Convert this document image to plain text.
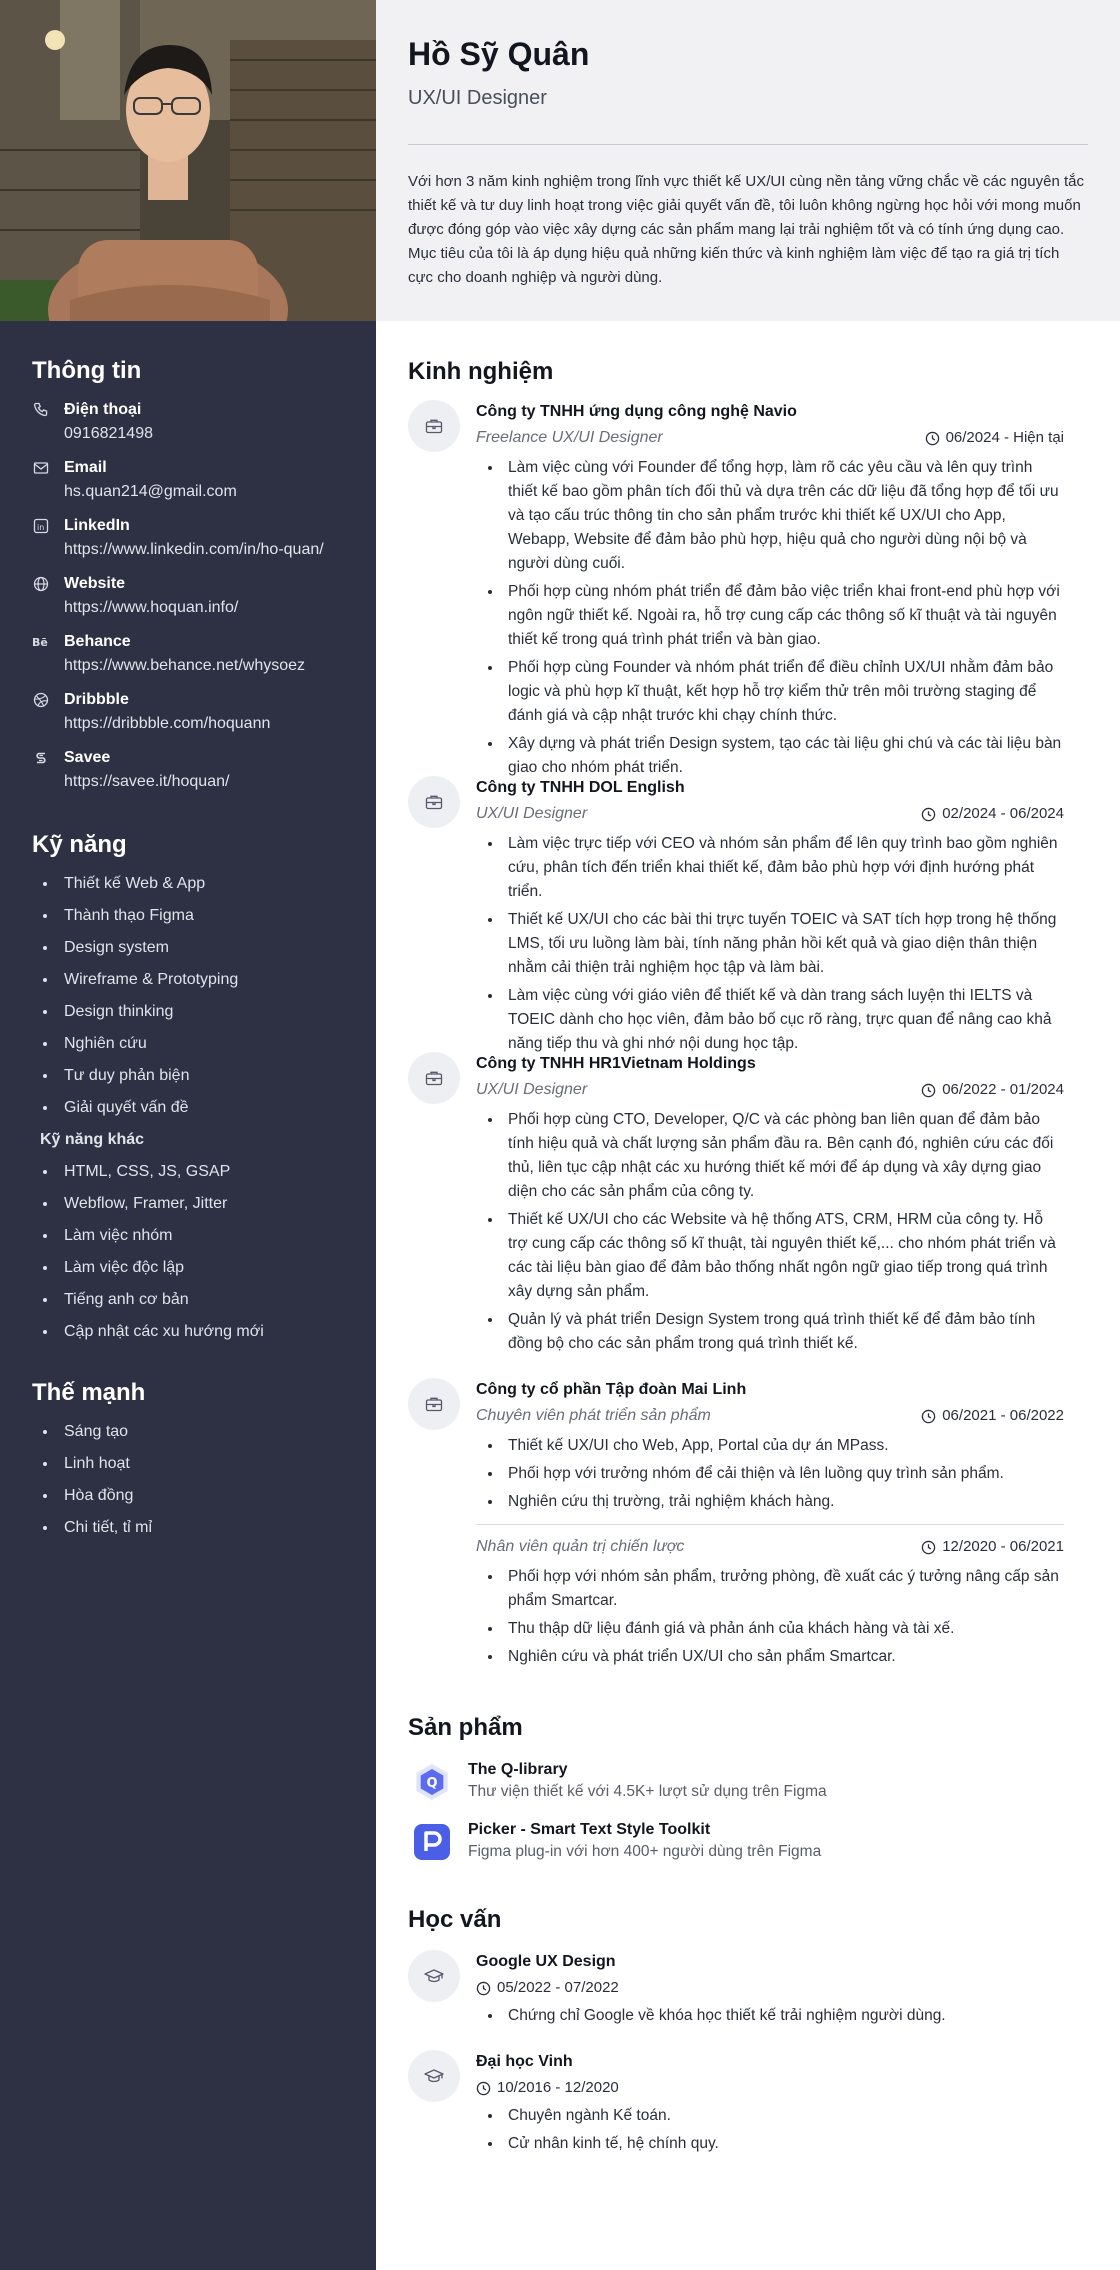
Thông tin
Điện thoại
0916821498
Email
hs.quan214@gmail.com
in LinkedIn
https://www.linkedin.com/in/ho-quan/
Website
https://www.hoquan.info/
Bē Behance
https://www.behance.net/whysoez
Dribbble
https://dribbble.com/hoquann
Savee
https://savee.it/hoquan/
Kỹ năng
Thiết kế Web & App
Thành thạo Figma
Design system
Wireframe & Prototyping
Design thinking
Nghiên cứu
Tư duy phản biện
Giải quyết vấn đề
Kỹ năng khác
HTML, CSS, JS, GSAP
Webflow, Framer, Jitter
Làm việc nhóm
Làm việc độc lập
Tiếng anh cơ bản
Cập nhật các xu hướng mới
Thế mạnh
Sáng tạo
Linh hoạt
Hòa đồng
Chi tiết, tỉ mỉ
Hồ Sỹ Quân
UX/UI Designer
Với hơn 3 năm kinh nghiệm trong lĩnh vực thiết kế UX/UI cùng nền tảng vững chắc về các nguyên tắc thiết kế và tư duy linh hoạt trong việc giải quyết vấn đề, tôi luôn không ngừng học hỏi với mong muốn được đóng góp vào việc xây dựng các sản phẩm mang lại trải nghiệm tốt và có tính ứng dụng cao. Mục tiêu của tôi là áp dụng hiệu quả những kiến thức và kinh nghiệm làm việc để tạo ra giá trị tích cực cho doanh nghiệp và người dùng.
Kinh nghiệm
Công ty TNHH ứng dụng công nghệ Navio
Freelance UX/UI Designer	06/2024 - Hiện tại
Làm việc cùng với Founder để tổng hợp, làm rõ các yêu cầu và lên quy trình thiết kế bao gồm phân tích đối thủ và dựa trên các dữ liệu đã tổng hợp để tối ưu và tạo cấu trúc thông tin cho sản phẩm trước khi thiết kế UX/UI cho App, Webapp, Website để đảm bảo phù hợp, hiệu quả cho người dùng nội bộ và người dùng cuối.
Phối hợp cùng nhóm phát triển để đảm bảo việc triển khai front-end phù hợp với ngôn ngữ thiết kế. Ngoài ra, hỗ trợ cung cấp các thông số kĩ thuật và tài nguyên thiết kế trong quá trình phát triển và bàn giao.
Phối hợp cùng Founder và nhóm phát triển để điều chỉnh UX/UI nhằm đảm bảo logic và phù hợp kĩ thuật, kết hợp hỗ trợ kiểm thử trên môi trường staging để đánh giá và cập nhật trước khi chạy chính thức.
Xây dựng và phát triển Design system, tạo các tài liệu ghi chú và các tài liệu bàn giao cho nhóm phát triển.
Công ty TNHH DOL English
UX/UI Designer	02/2024 - 06/2024
Làm việc trực tiếp với CEO và nhóm sản phẩm để lên quy trình bao gồm nghiên cứu, phân tích đến triển khai thiết kế, đảm bảo phù hợp với định hướng phát triển.
Thiết kế UX/UI cho các bài thi trực tuyến TOEIC và SAT tích hợp trong hệ thống LMS, tối ưu luồng làm bài, tính năng phản hồi kết quả và giao diện thân thiện nhằm cải thiện trải nghiệm học tập và làm bài.
Làm việc cùng với giáo viên để thiết kế và dàn trang sách luyện thi IELTS và TOEIC dành cho học viên, đảm bảo bố cục rõ ràng, trực quan để nâng cao khả năng tiếp thu và ghi nhớ nội dung học tập.
Công ty TNHH HR1Vietnam Holdings
UX/UI Designer	06/2022 - 01/2024
Phối hợp cùng CTO, Developer, Q/C và các phòng ban liên quan để đảm bảo tính hiệu quả và chất lượng sản phẩm đầu ra. Bên cạnh đó, nghiên cứu các đối thủ, liên tục cập nhật các xu hướng thiết kế mới để áp dụng và xây dựng giao diện cho các sản phẩm của công ty.
Thiết kế UX/UI cho các Website và hệ thống ATS, CRM, HRM của công ty. Hỗ trợ cung cấp các thông số kĩ thuật, tài nguyên thiết kế,... cho nhóm phát triển và các tài liệu bàn giao để đảm bảo thống nhất ngôn ngữ giao tiếp trong quá trình xây dựng sản phẩm.
Quản lý và phát triển Design System trong quá trình thiết kế để đảm bảo tính đồng bộ cho các sản phẩm trong quá trình thiết kế.
Công ty cổ phần Tập đoàn Mai Linh
Chuyên viên phát triển sản phẩm	06/2021 - 06/2022
Thiết kế UX/UI cho Web, App, Portal của dự án MPass.
Phối hợp với trưởng nhóm để cải thiện và lên luồng quy trình sản phẩm.
Nghiên cứu thị trường, trải nghiệm khách hàng.
Nhân viên quản trị chiến lược	12/2020 - 06/2021
Phối hợp với nhóm sản phẩm, trưởng phòng, đề xuất các ý tưởng nâng cấp sản phẩm Smartcar.
Thu thập dữ liệu đánh giá và phản ánh của khách hàng và tài xế.
Nghiên cứu và phát triển UX/UI cho sản phẩm Smartcar.
Sản phẩm
Q
The Q-library
Thư viện thiết kế với 4.5K+ lượt sử dụng trên Figma
Picker - Smart Text Style Toolkit
Figma plug-in với hơn 400+ người dùng trên Figma
Học vấn
Google UX Design
05/2022 - 07/2022
Chứng chỉ Google về khóa học thiết kế trải nghiệm người dùng.
Đại học Vinh
10/2016 - 12/2020
Chuyên ngành Kế toán.
Cử nhân kinh tế, hệ chính quy.
